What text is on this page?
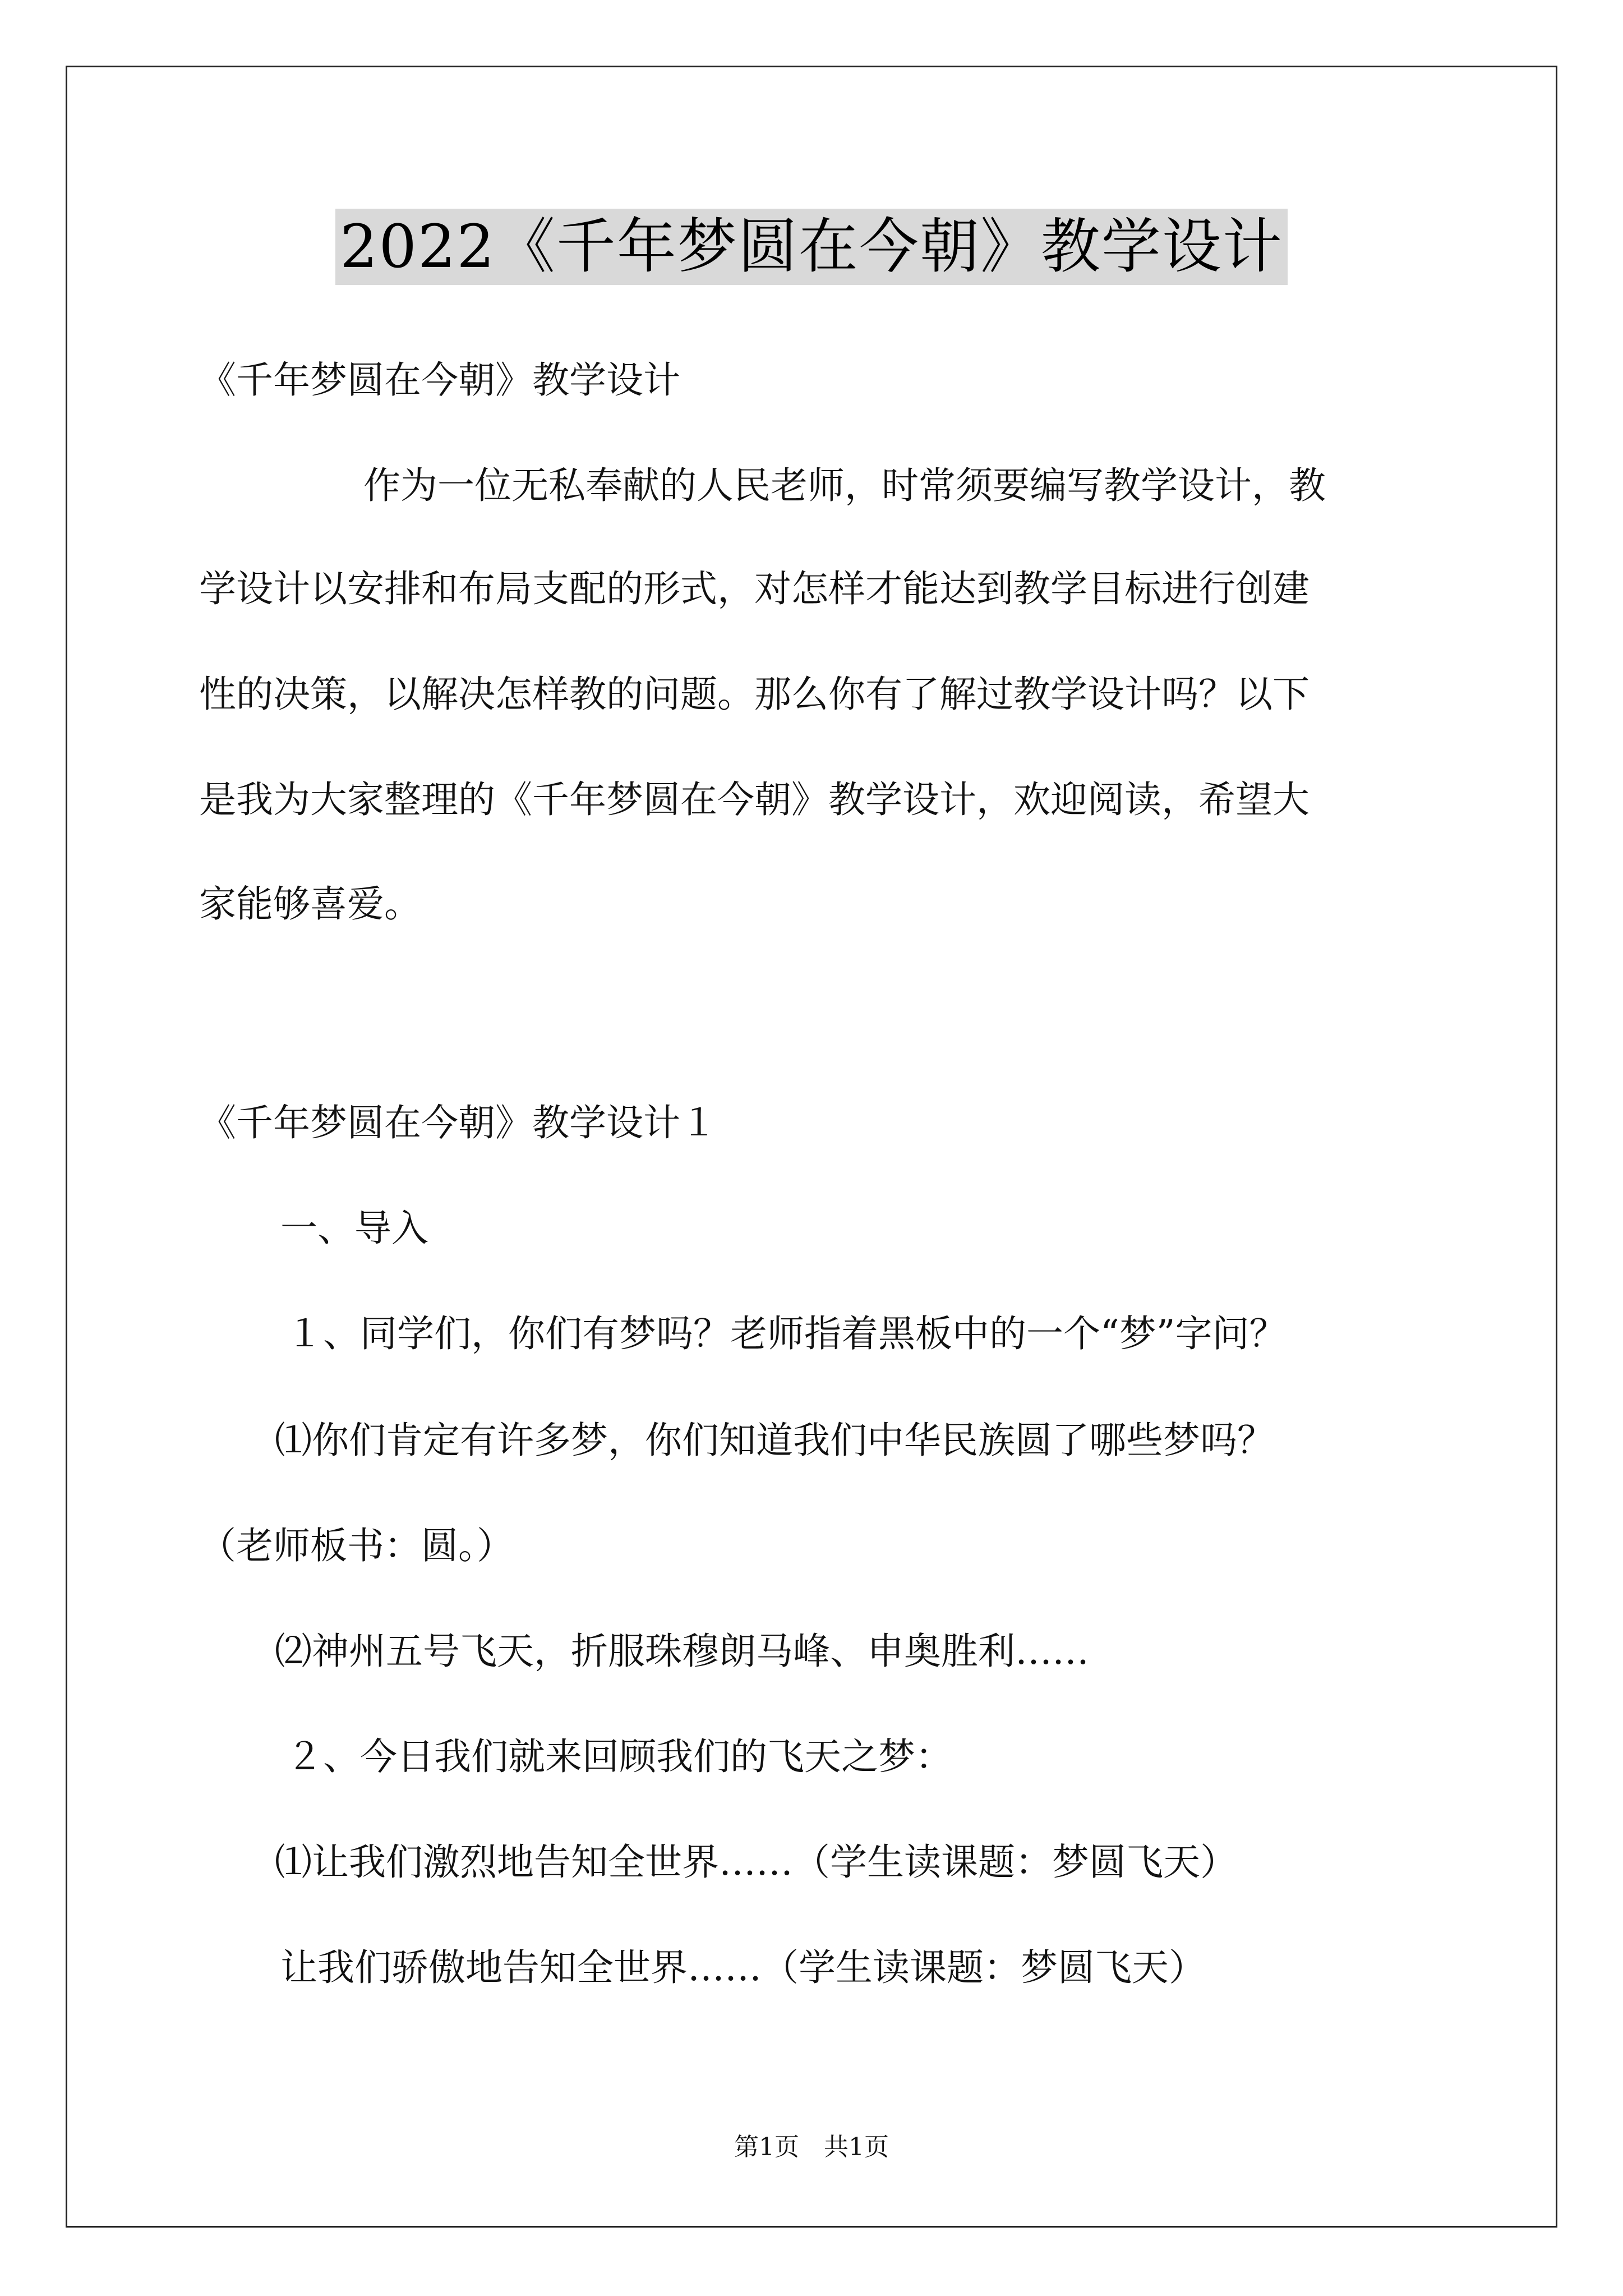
2022《千年梦圆在今朝》教学设计
《千年梦圆在今朝》教学设计
作为一位无私奉献的人民老师，时常须要编写教学设计，教
学设计以安排和布局支配的形式，对怎样才能达到教学目标进行创建
性的决策，以解决怎样教的问题。那么你有了解过教学设计吗？以下
是我为大家整理的《千年梦圆在今朝》教学设计，欢迎阅读，希望大
家能够喜爱。
《千年梦圆在今朝》教学设计１
一、导入
１、同学们，你们有梦吗？老师指着黑板中的一个“梦”字问？
⑴你们肯定有许多梦，你们知道我们中华民族圆了哪些梦吗？
（老师板书：圆。）
⑵神州五号飞天，折服珠穆朗马峰、申奥胜利……
２、今日我们就来回顾我们的飞天之梦：
⑴让我们激烈地告知全世界……（学生读课题：梦圆飞天）
让我们骄傲地告知全世界……（学生读课题：梦圆飞天）
第1页　共1页
